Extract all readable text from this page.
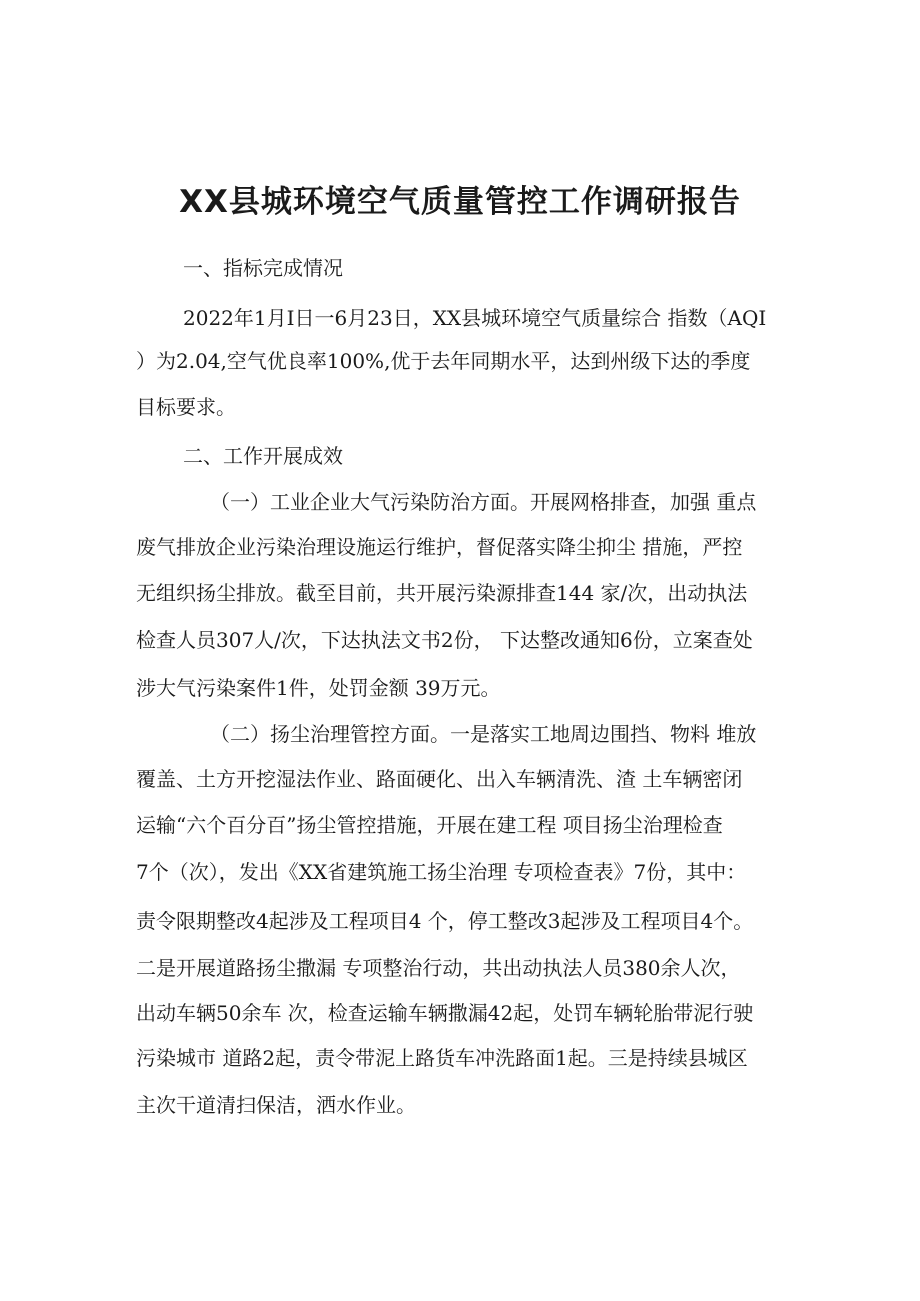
XX县城环境空气质量管控工作调研报告
一、指标完成情况
2022年1月I日一6月23日，XX县城环境空气质量综合 指数（AQI
）为2.04,空气优良率100%,优于去年同期水平，达到州级下达的季度
目标要求。
二、工作开展成效
（一）工业企业大气污染防治方面。开展网格排查，加强 重点
废气排放企业污染治理设施运行维护，督促落实降尘抑尘 措施，严控
无组织扬尘排放。截至目前，共开展污染源排查144 家/次，出动执法
检查人员307人/次，下达执法文书2份， 下达整改通知6份，立案查处
涉大气污染案件1件，处罚金额 39万元。
（二）扬尘治理管控方面。一是落实工地周边围挡、物料 堆放
覆盖、土方开挖湿法作业、路面硬化、出入车辆清洗、渣 土车辆密闭
运输“六个百分百”扬尘管控措施，开展在建工程 项目扬尘治理检查
7个（次），发出《XX省建筑施工扬尘治理 专项检查表》7份，其中：
责令限期整改4起涉及工程项目4 个，停工整改3起涉及工程项目4个。
二是开展道路扬尘撒漏 专项整治行动，共出动执法人员380余人次，
出动车辆50余车 次，检查运输车辆撒漏42起，处罚车辆轮胎带泥行驶
污染城市 道路2起，责令带泥上路货车冲洗路面1起。三是持续县城区
主次干道清扫保洁，洒水作业。
